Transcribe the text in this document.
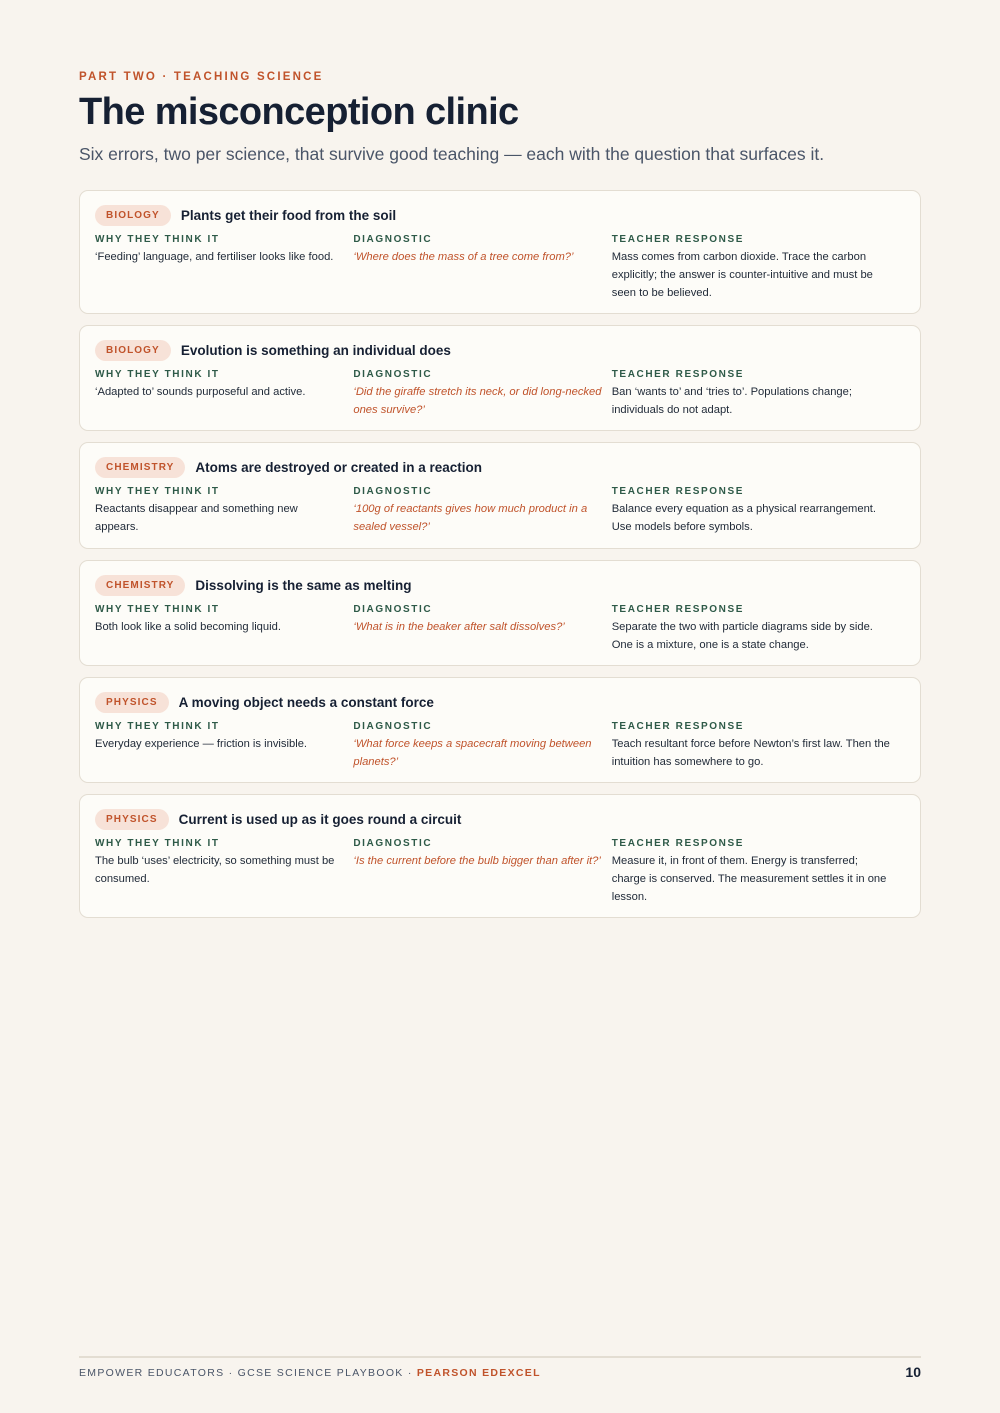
PART TWO · TEACHING SCIENCE
The misconception clinic

Six errors, two per science, that survive good teaching — each with the question that surfaces it.

BIOLOGY	Plants get their food from the soil
WHY THEY THINK IT
‘Feeding’ language, and fertiliser looks like food.
DIAGNOSTIC
‘Where does the mass of a tree come from?’
TEACHER RESPONSE
Mass comes from carbon dioxide. Trace the carbon explicitly; the answer is counter-intuitive and must be seen to be believed.
BIOLOGY	Evolution is something an individual does
WHY THEY THINK IT
‘Adapted to’ sounds purposeful and active.
DIAGNOSTIC
‘Did the giraffe stretch its neck, or did long-necked ones survive?’
TEACHER RESPONSE
Ban ‘wants to’ and ‘tries to’. Populations change; individuals do not adapt.
CHEMISTRY	Atoms are destroyed or created in a reaction
WHY THEY THINK IT
Reactants disappear and something new appears.
DIAGNOSTIC
‘100g of reactants gives how much product in a sealed vessel?’
TEACHER RESPONSE
Balance every equation as a physical rearrangement. Use models before symbols.
CHEMISTRY	Dissolving is the same as melting
WHY THEY THINK IT
Both look like a solid becoming liquid.
DIAGNOSTIC
‘What is in the beaker after salt dissolves?’
TEACHER RESPONSE
Separate the two with particle diagrams side by side. One is a mixture, one is a state change.
PHYSICS	A moving object needs a constant force
WHY THEY THINK IT
Everyday experience — friction is invisible.
DIAGNOSTIC
‘What force keeps a spacecraft moving between planets?’
TEACHER RESPONSE
Teach resultant force before Newton’s first law. Then the intuition has somewhere to go.
PHYSICS	Current is used up as it goes round a circuit
WHY THEY THINK IT
The bulb ‘uses’ electricity, so something must be consumed.
DIAGNOSTIC
‘Is the current before the bulb bigger than after it?’
TEACHER RESPONSE
Measure it, in front of them. Energy is transferred; charge is conserved. The measurement settles it in one lesson.
EMPOWER EDUCATORS · GCSE SCIENCE PLAYBOOK · PEARSON EDEXCEL	10
